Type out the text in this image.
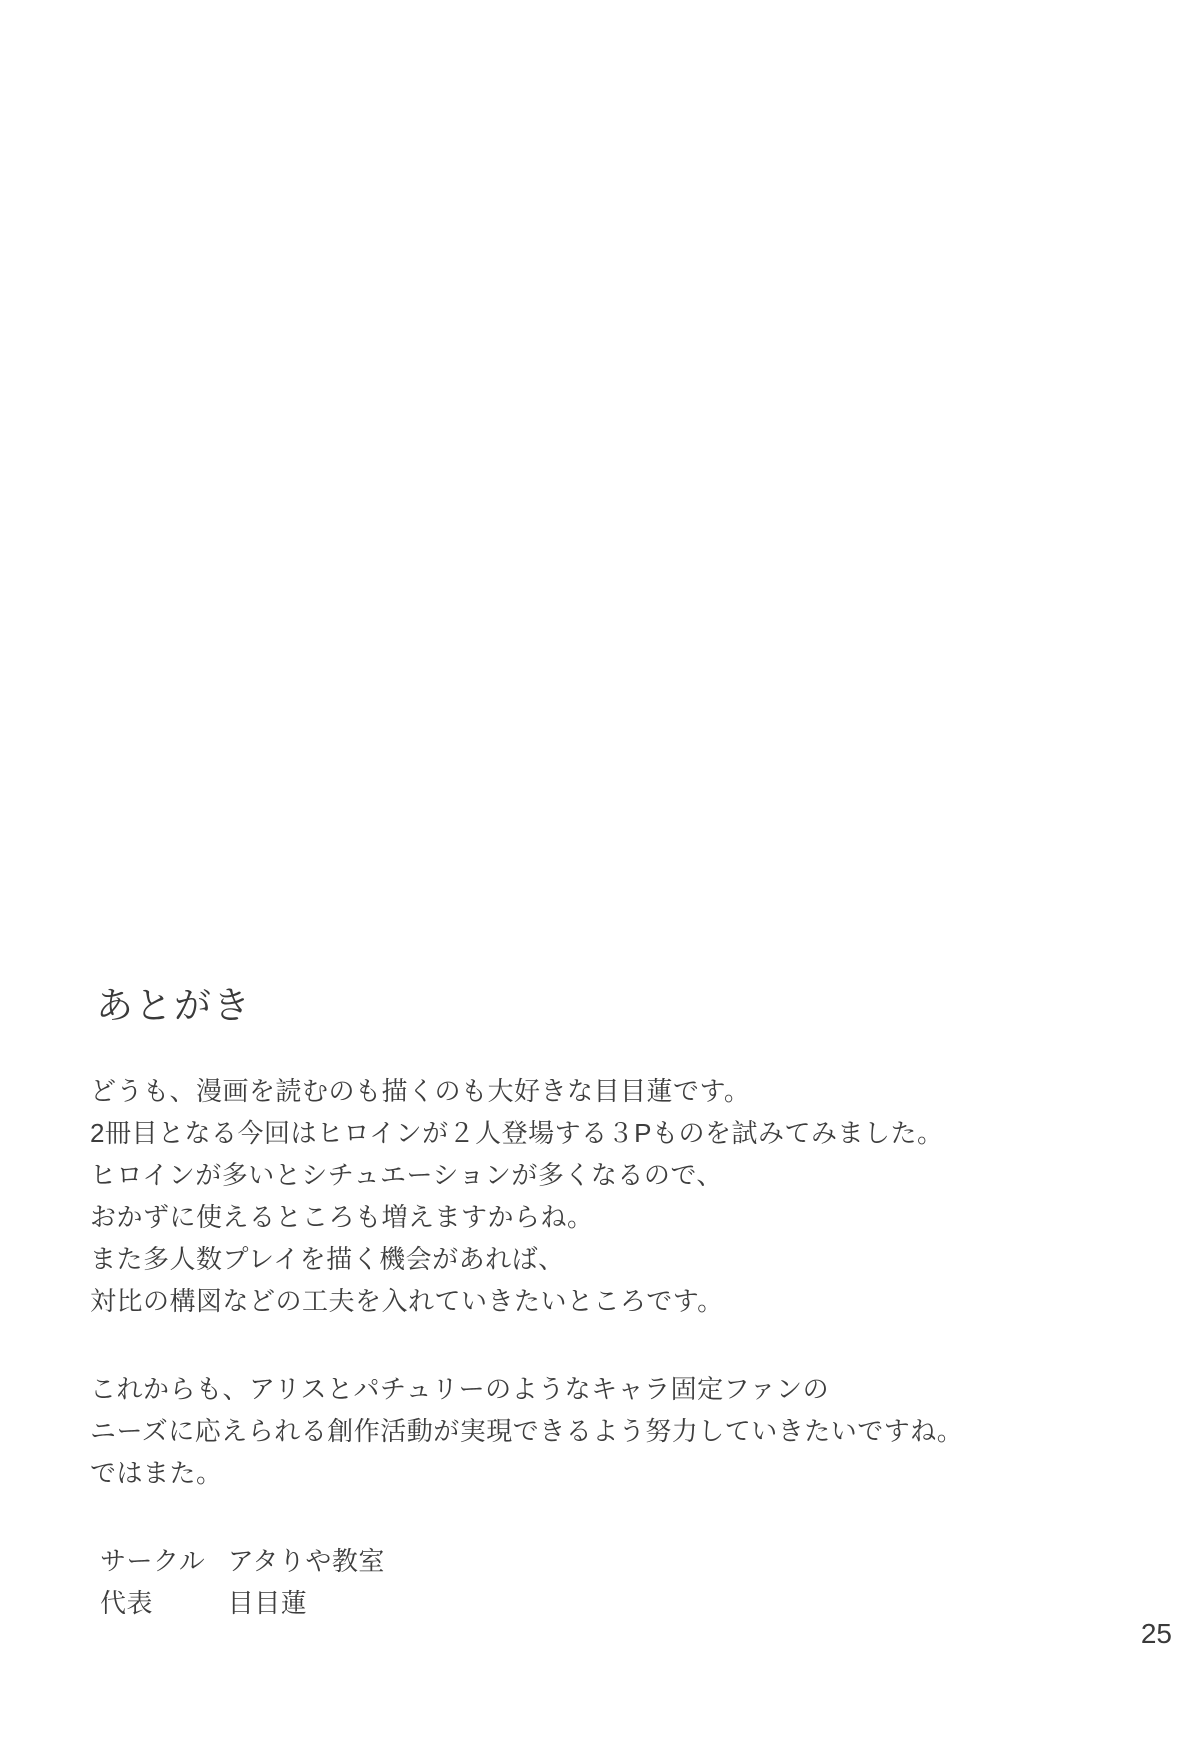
あとがき

どうも、漫画を読むのも描くのも大好きな目目蓮です。

2冊目となる今回はヒロインが２人登場する３Pものを試みてみました。

ヒロインが多いとシチュエーションが多くなるので、

おかずに使えるところも増えますからね。

また多人数プレイを描く機会があれば、

対比の構図などの工夫を入れていきたいところです。

これからも、アリスとパチュリーのようなキャラ固定ファンの

ニーズに応えられる創作活動が実現できるよう努力していきたいですね。

ではまた。

サークル アタりや教室
代表	目目蓮
25
